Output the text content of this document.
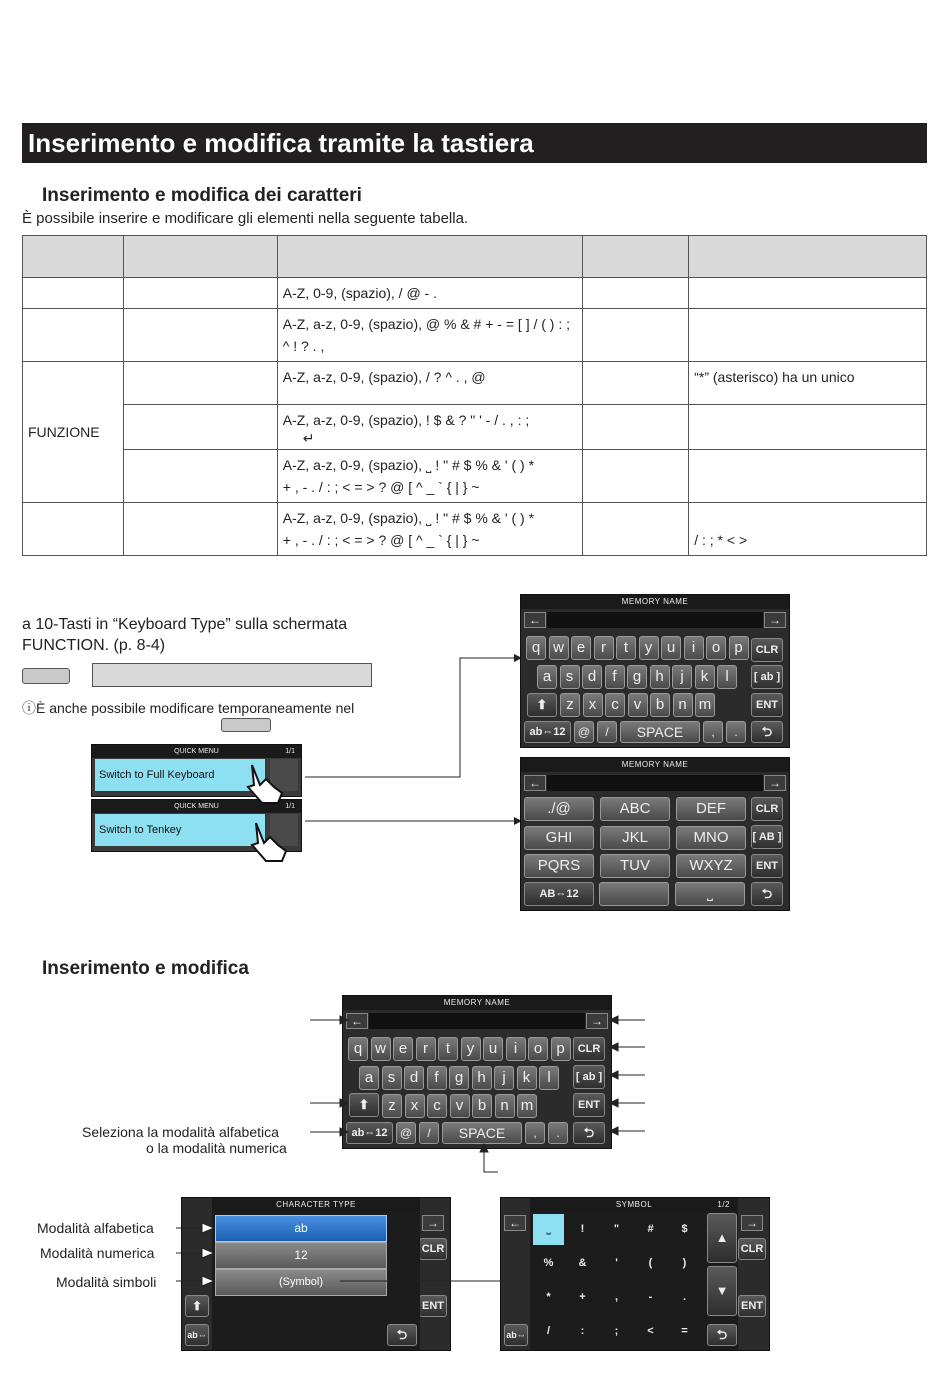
Inserimento e modifica tramite la tastiera
Inserimento e modifica dei caratteri
È possibile inserire e modificare gli elementi nella seguente tabella.

		A-Z, 0-9, (spazio), / @ - .		
		A-Z, a-z, 0-9, (spazio), @ % & # + - = [ ] / ( ) : ; ^ ! ? . ,		
FUNZIONE		A-Z, a-z, 0-9, (spazio), / ? ^ . , @		“*” (asterisco) ha un unico

		A-Z, a-z, 0-9, (spazio), ! $ & ? " ' - / . , : ;
↵		

		A-Z, a-z, 0-9, (spazio), ˽ ! " # $ % & ' ( ) *
+ , - . / : ; < = > ? @ [ ^ _ ` { | } ~		

		A-Z, a-z, 0-9, (spazio), ˽ ! " # $ % & ' ( ) *
+ , - . / : ; < = > ? @ [ ^ _ ` { | } ~		/ : ; * < >
a 10-Tasti in “Keyboard Type” sulla schermata
FUNCTION. (p. 8-4)
ⓘÈ anche possibile modificare temporaneamente nel
QUICK MENU	1/1
Switch to Full Keyboard
QUICK MENU	1/1
Switch to Tenkey
MEMORY NAME
←	→
q w e	r	t	y u	i	o p
a s d	f	g h	j	k	l
z	x	c	v b n m
CLR
[ ab ]
ENT
⮌
⬆
ab⇔12	@	/	SPACE	,	.
MEMORY NAME
←	→
./@	ABC	DEF
GHI	JKL	MNO
PQRS	TUV	WXYZ
CLR
[ AB ]
ENT
⮌
AB⇔12	˽
Inserimento e modifica
MEMORY NAME
←	→
q w e	r	t	y u	i	o p
a s d	f	g h	j	k	l
z	x	c	v b n m
CLR
[ ab ]
ENT
⮌
⬆
ab⇔12	@	/	SPACE	,	.
Seleziona la modalità alfabetica
o la modalità numerica
→
CLR
ENT
⬆
ab⇔
CHARACTER TYPE
ab
12
(Symbol)
⮌
Modalità alfabetica
Modalità numerica
Modalità simboli
←	→
CLR
ENT
ab⇔
SYMBOL	1/2
˽	!	"	#	$
%	&	'	(	)
*	+	,	-	.
/	:	;	<	=
▲
▼
⮌
